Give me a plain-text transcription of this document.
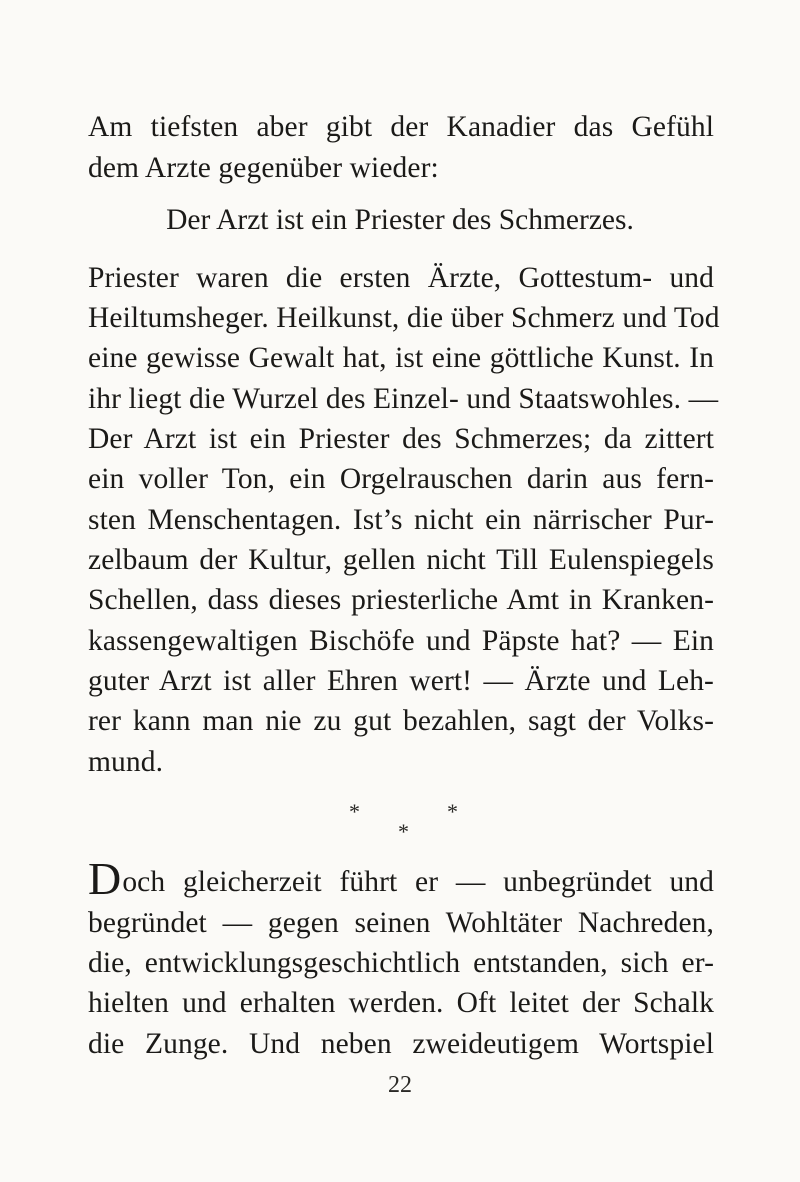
Am tiefsten aber gibt der Kanadier das Gefühl

dem Arzte gegenüber wieder:

Der Arzt ist ein Priester des Schmerzes.

Priester waren die ersten Ärzte, Gottestum- und

Heiltumsheger. Heilkunst, die über Schmerz und Tod

eine gewisse Gewalt hat, ist eine göttliche Kunst. In

ihr liegt die Wurzel des Einzel- und Staatswohles. —

Der Arzt ist ein Priester des Schmerzes; da zittert

ein voller Ton, ein Orgelrauschen darin aus fern-

sten Menschentagen. Ist’s nicht ein närrischer Pur-

zelbaum der Kultur, gellen nicht Till Eulenspiegels

Schellen, dass dieses priesterliche Amt in Kranken-

kassengewaltigen Bischöfe und Päpste hat? — Ein

guter Arzt ist aller Ehren wert! — Ärzte und Leh-

rer kann man nie zu gut bezahlen, sagt der Volks-

mund.

*	*
*

Doch gleicherzeit führt er — unbegründet und

begründet — gegen seinen Wohltäter Nachreden,

die, entwicklungsgeschichtlich entstanden, sich er-

hielten und erhalten werden. Oft leitet der Schalk

die Zunge. Und neben zweideutigem Wortspiel

22
